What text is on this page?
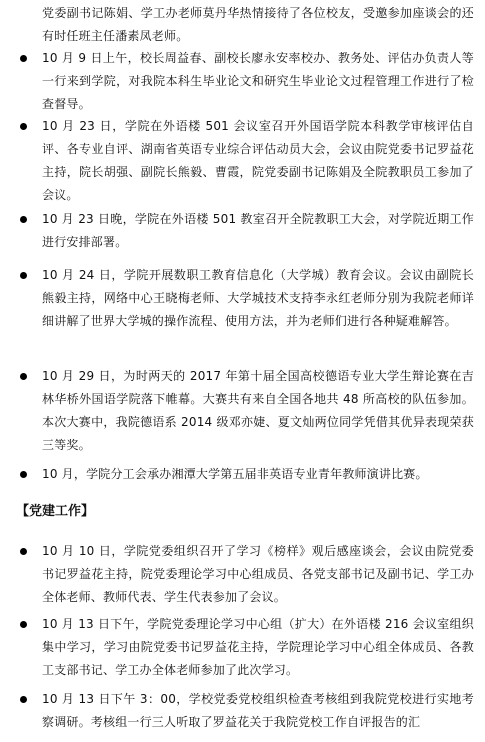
党委副书记陈娟、学工办老师莫丹华热情接待了各位校友，受邀参加座谈会的还有时任班主任潘素凤老师。

10 月 9 日上午，校长周益春、副校长廖永安率校办、教务处、评估办负责人等一行来到学院，对我院本科生毕业论文和研究生毕业论文过程管理工作进行了检查督导。

10 月 23 日，学院在外语楼 501 会议室召开外国语学院本科教学审核评估自评、各专业自评、湖南省英语专业综合评估动员大会，会议由院党委书记罗益花主持，院长胡强、副院长熊毅、曹霞，院党委副书记陈娟及全院教职员工参加了会议。

10 月 23 日晚，学院在外语楼 501 教室召开全院教职工大会，对学院近期工作进行安排部署。

10 月 24 日，学院开展数职工教育信息化（大学城）教育会议。会议由副院长熊毅主持，网络中心王晓梅老师、大学城技术支持李永红老师分别为我院老师详细讲解了世界大学城的操作流程、使用方法，并为老师们进行各种疑难解答。

10 月 29 日，为时两天的 2017 年第十届全国高校德语专业大学生辩论赛在吉林华桥外国语学院落下帷幕。大赛共有来自全国各地共 48 所高校的队伍参加。本次大赛中，我院德语系 2014 级邓亦婕、夏文灿两位同学凭借其优异表现荣获三等奖。

10 月，学院分工会承办湘潭大学第五届非英语专业青年教师演讲比赛。

【党建工作】

10 月 10 日，学院党委组织召开了学习《榜样》观后感座谈会，会议由院党委书记罗益花主持，院党委理论学习中心组成员、各党支部书记及副书记、学工办全体老师、教师代表、学生代表参加了会议。

10 月 13 日下午，学院党委理论学习中心组（扩大）在外语楼 216 会议室组织集中学习，学习由院党委书记罗益花主持，学院理论学习中心组全体成员、各教工支部书记、学工办全体老师参加了此次学习。

10 月 13 日下午 3：00，学校党委党校组织检查考核组到我院党校进行实地考察调研。考核组一行三人听取了罗益花关于我院党校工作自评报告的汇
